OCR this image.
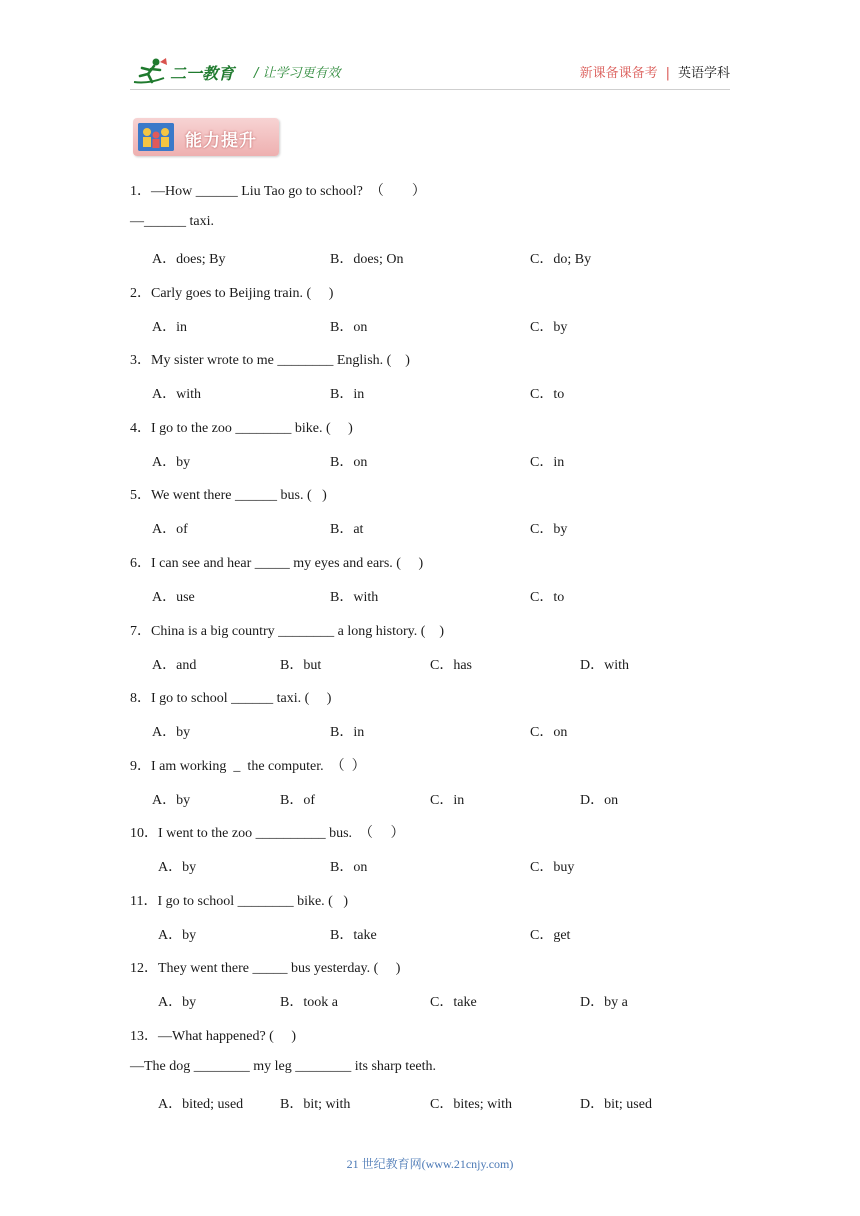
二一教育 / 让学习更有效	新课备课备考 | 英语学科
能力提升
1．—How ______ Liu Tao go to school?  （        ）
—______ taxi.
A．does; By	B．does; On	C．do; By
2．Carly goes to Beijing train. (     )
A．in	B．on	C．by
3．My sister wrote to me ________ English. (    )
A．with	B．in	C．to
4．I go to the zoo ________ bike. (     )
A．by	B．on	C．in
5．We went there ______ bus. (   )
A．of	B．at	C．by
6．I can see and hear _____ my eyes and ears. (     )
A．use	B．with	C．to
7．China is a big country ________ a long history. (    )
A．and	B．but	C．has	D．with
8．I go to school ______ taxi. (     )
A．by	B．in	C．on
9．I am working  _  the computer.  （  ）
A．by	B．of	C．in	D．on
10．I went to the zoo __________ bus.  （     ）
A．by	B．on	C．buy
11．I go to school ________ bike. (   )
A．by	B．take	C．get
12．They went there _____ bus yesterday. (     )
A．by	B．took a	C．take	D．by a
13．—What happened? (     )
—The dog ________ my leg ________ its sharp teeth.
A．bited; used	B．bit; with	C．bites; with	D．bit; used
21 世纪教育网(www.21cnjy.com)
